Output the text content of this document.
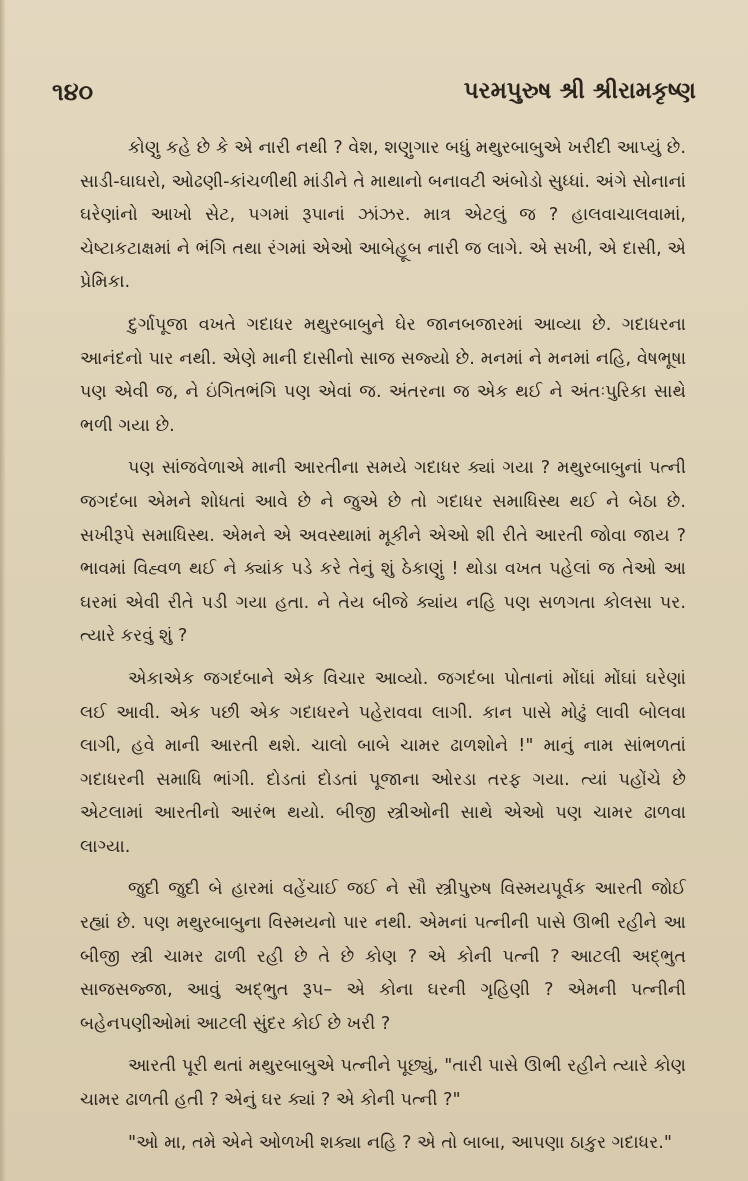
૧૪૦	પરમપુરુષ શ્રી શ્રીરામકૃષ્ણ

કોણુ કહે છે કે એ નારી નથી ? વેશ, શણુગાર બધું મથુરબાબુએ ખરીદી આપ્યું છે. સાડી-ઘાઘરો, ઓઢણી-કાંચળીથી માંડીને તે માથાનો બનાવટી અંબોડો સુધ્ધાં. અંગે સોનાનાં ઘરેણાંનો આખો સેટ, પગમાં રૂપાનાં ઝાંઝર. માત્ર એટલું જ ? હાલવાચાલવામાં, ચેષ્ટાકટાક્ષમાં ને ભંગિ તથા રંગમાં એઓ આબેહૂબ નારી જ લાગે. એ સખી, એ દાસી, એ પ્રેમિકા.

દુર્ગાપૂજા વખતે ગદાધર મથુરબાબુને ઘેર જાનબજારમાં આવ્યા છે. ગદાધરના આનંદનો પાર નથી. એણે માની દાસીનો સાજ સજ્યો છે. મનમાં ને મનમાં નહિ, વેષભૂષા પણ એવી જ, ને ઇંગિતભંગિ પણ એવાં જ. અંતરના જ એક થઈ ને અંતઃપુરિકા સાથે ભળી ગયા છે.

પણ સાંજવેળાએ માની આરતીના સમયે ગદાધર ક્યાં ગયા ? મથુરબાબુનાં પત્ની જગદંબા એમને શોધતાં આવે છે ને જુએ છે તો ગદાધર સમાધિસ્થ થઈ ને બેઠા છે. સખીરૂપે સમાધિસ્થ. એમને એ અવસ્થામાં મૂકીને એઓ શી રીતે આરતી જોવા જાય ? ભાવમાં વિહ્વળ થઈ ને ક્યાંક પડે કરે તેનું શું ઠેકાણું ! થોડા વખત પહેલાં જ તેઓ આ ઘરમાં એવી રીતે પડી ગયા હતા. ને તેય બીજે ક્યાંય નહિ પણ સળગતા કોલસા પર. ત્યારે કરવું શું ?

એકાએક જગદંબાને એક વિચાર આવ્યો. જગદંબા પોતાનાં મોંઘાં મોંઘાં ઘરેણાં લઈ આવી. એક પછી એક ગદાધરને પહેરાવવા લાગી. કાન પાસે મોઢું લાવી બોલવા લાગી, હવે માની આરતી થશે. ચાલો બાબે ચામર ઢાળશોને !" માનું નામ સાંભળતાં ગદાધરની સમાધિ ભાંગી. દોડતાં દોડતાં પૂજાના ઓરડા તરફ ગયા. ત્યાં પહોંચે છે એટલામાં આરતીનો આરંભ થયો. બીજી સ્ત્રીઓની સાથે એઓ પણ ચામર ઢાળવા લાગ્યા.

જુદી જુદી બે હારમાં વહેંચાઈ જઈ ને સૌ સ્ત્રીપુરુષ વિસ્મયપૂર્વક આરતી જોઈ રહ્યાં છે. પણ મથુરબાબુના વિસ્મયનો પાર નથી. એમનાં પત્નીની પાસે ઊભી રહીને આ બીજી સ્ત્રી ચામર ઢાળી રહી છે તે છે કોણ ? એ કોની પત્ની ? આટલી અદ્ભુત સાજસજ્જા, આવું અદ્ભુત રૂપ– એ કોના ઘરની ગૃહિણી ? એમની પત્નીની બહેનપણીઓમાં આટલી સુંદર કોઈ છે ખરી ?

આરતી પૂરી થતાં મથુરબાબુએ પત્નીને પૂછ્યું, "તારી પાસે ઊભી રહીને ત્યારે કોણ ચામર ઢાળતી હતી ? એનું ઘર ક્યાં ? એ કોની પત્ની ?"

"ઓ મા, તમે એને ઓળખી શક્યા નહિ ? એ તો બાબા, આપણા ઠાકુર ગદાધર."
